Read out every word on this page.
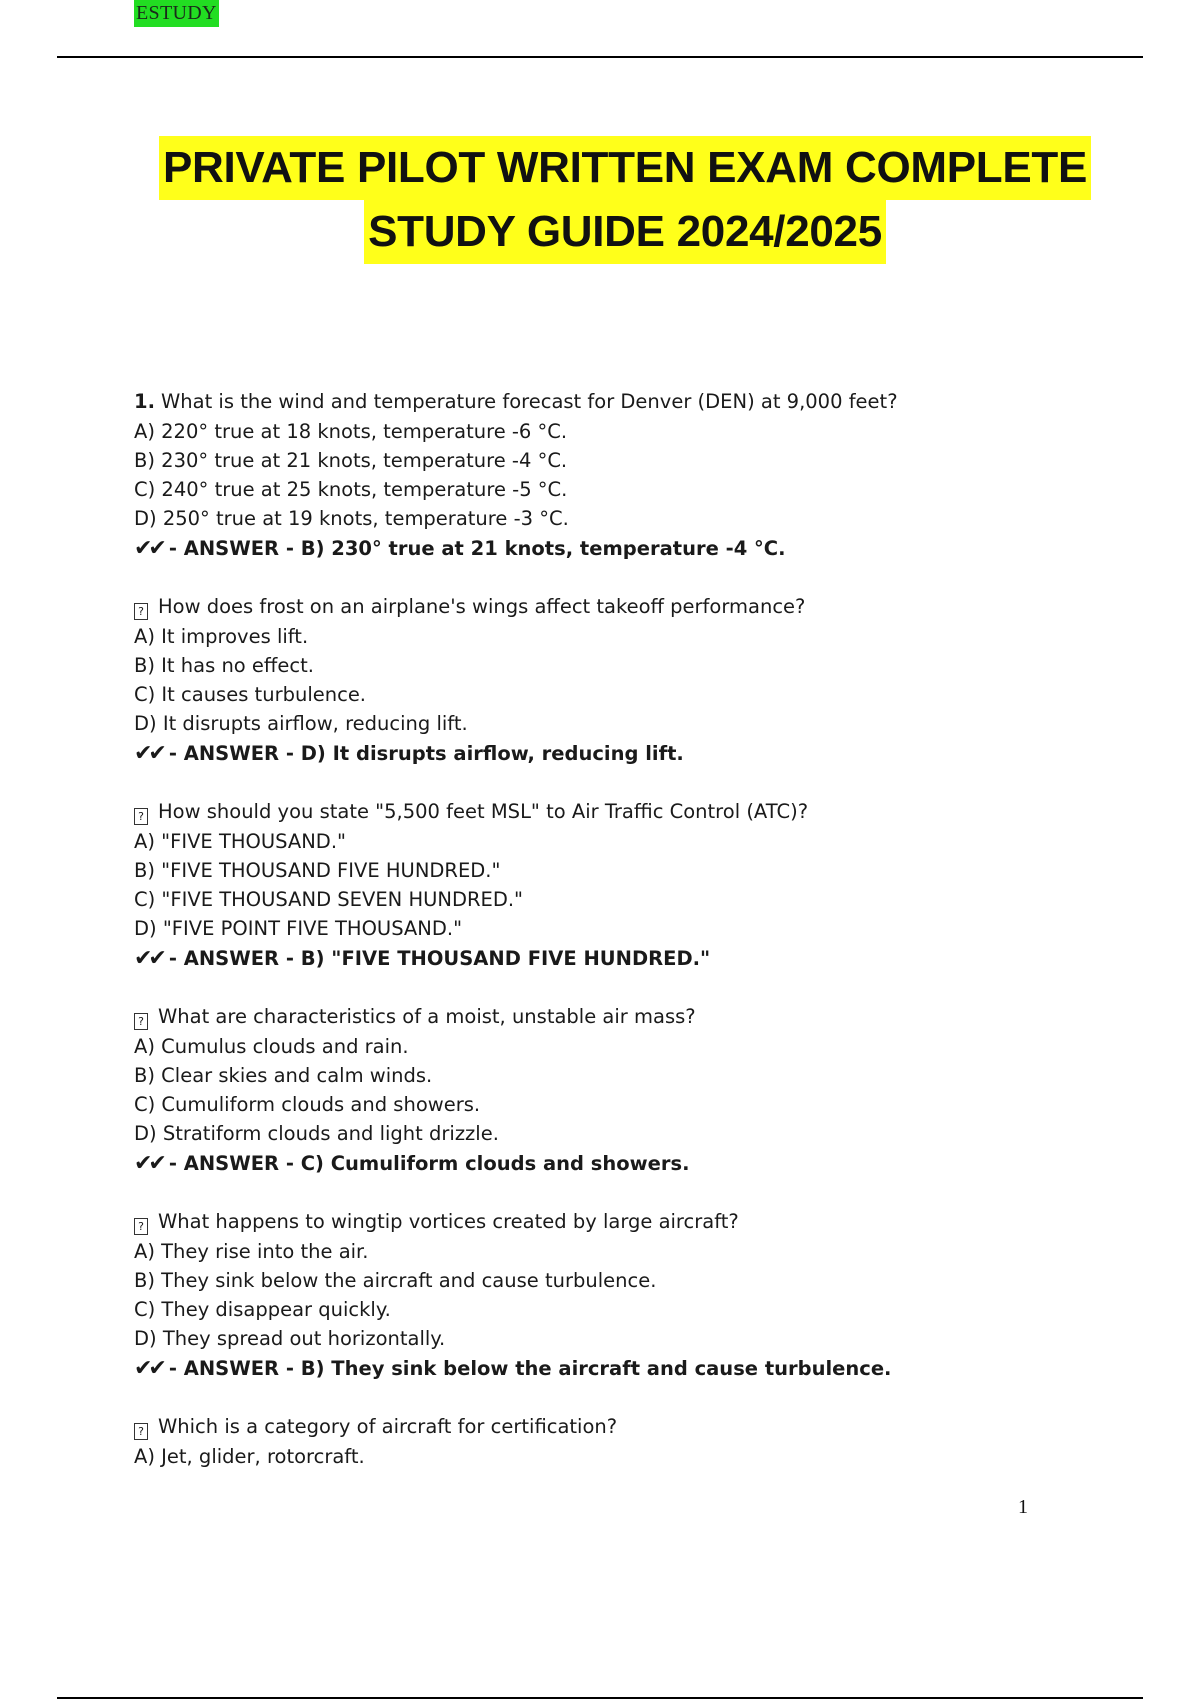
ESTUDY
PRIVATE PILOT WRITTEN EXAM COMPLETE
STUDY GUIDE 2024/2025
1. What is the wind and temperature forecast for Denver (DEN) at 9,000 feet?
A) 220° true at 18 knots, temperature -6 °C.
B) 230° true at 21 knots, temperature -4 °C.
C) 240° true at 25 knots, temperature -5 °C.
D) 250° true at 19 knots, temperature -3 °C.
✔✔ - ANSWER - B) 230° true at 21 knots, temperature -4 °C.
? How does frost on an airplane's wings affect takeoff performance?
A) It improves lift.
B) It has no effect.
C) It causes turbulence.
D) It disrupts airflow, reducing lift.
✔✔ - ANSWER - D) It disrupts airflow, reducing lift.
? How should you state "5,500 feet MSL" to Air Traffic Control (ATC)?
A) "FIVE THOUSAND."
B) "FIVE THOUSAND FIVE HUNDRED."
C) "FIVE THOUSAND SEVEN HUNDRED."
D) "FIVE POINT FIVE THOUSAND."
✔✔ - ANSWER - B) "FIVE THOUSAND FIVE HUNDRED."
? What are characteristics of a moist, unstable air mass?
A) Cumulus clouds and rain.
B) Clear skies and calm winds.
C) Cumuliform clouds and showers.
D) Stratiform clouds and light drizzle.
✔✔ - ANSWER - C) Cumuliform clouds and showers.
? What happens to wingtip vortices created by large aircraft?
A) They rise into the air.
B) They sink below the aircraft and cause turbulence.
C) They disappear quickly.
D) They spread out horizontally.
✔✔ - ANSWER - B) They sink below the aircraft and cause turbulence.
? Which is a category of aircraft for certification?
A) Jet, glider, rotorcraft.
1
